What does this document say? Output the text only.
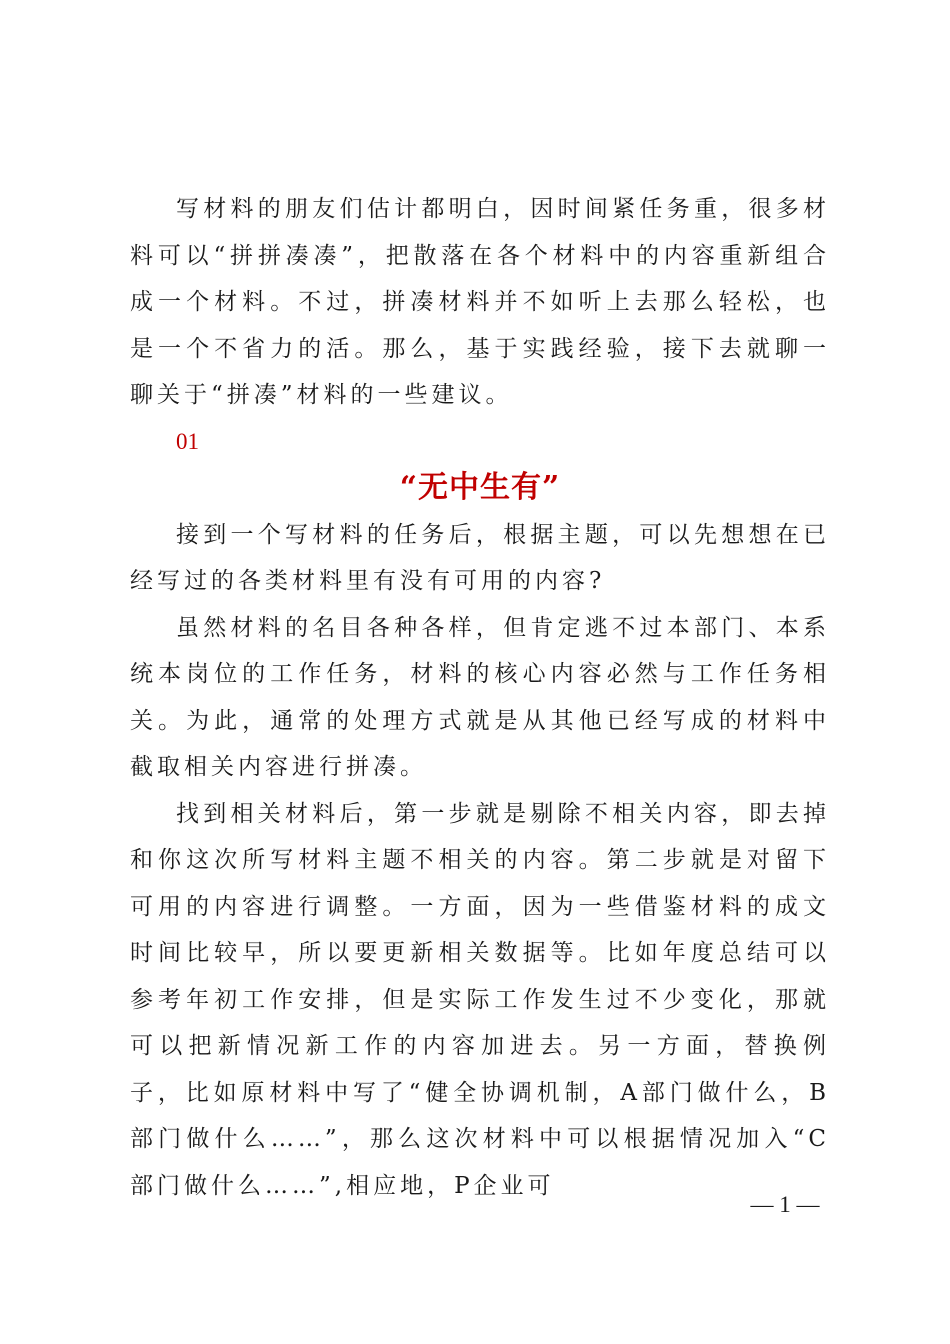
写材料的朋友们估计都明白，因时间紧任务重，很多材料可以“拼拼凑凑”，把散落在各个材料中的内容重新组合成一个材料。不过，拼凑材料并不如听上去那么轻松，也是一个不省力的活。那么，基于实践经验，接下去就聊一聊关于“拼凑”材料的一些建议。

01

“无中生有”

接到一个写材料的任务后，根据主题，可以先想想在已经写过的各类材料里有没有可用的内容?

虽然材料的名目各种各样，但肯定逃不过本部门、本系统本岗位的工作任务，材料的核心内容必然与工作任务相关。为此，通常的处理方式就是从其他已经写成的材料中截取相关内容进行拼凑。

找到相关材料后，第一步就是剔除不相关内容，即去掉和你这次所写材料主题不相关的内容。第二步就是对留下可用的内容进行调整。一方面，因为一些借鉴材料的成文时间比较早，所以要更新相关数据等。比如年度总结可以参考年初工作安排，但是实际工作发生过不少变化，那就可以把新情况新工作的内容加进去。另一方面，替换例子，比如原材料中写了“健全协调机制，A部门做什么，B部门做什么……”，那么这次材料中可以根据情况加入“C部门做什么……”,相应地，P企业可

— 1 —
